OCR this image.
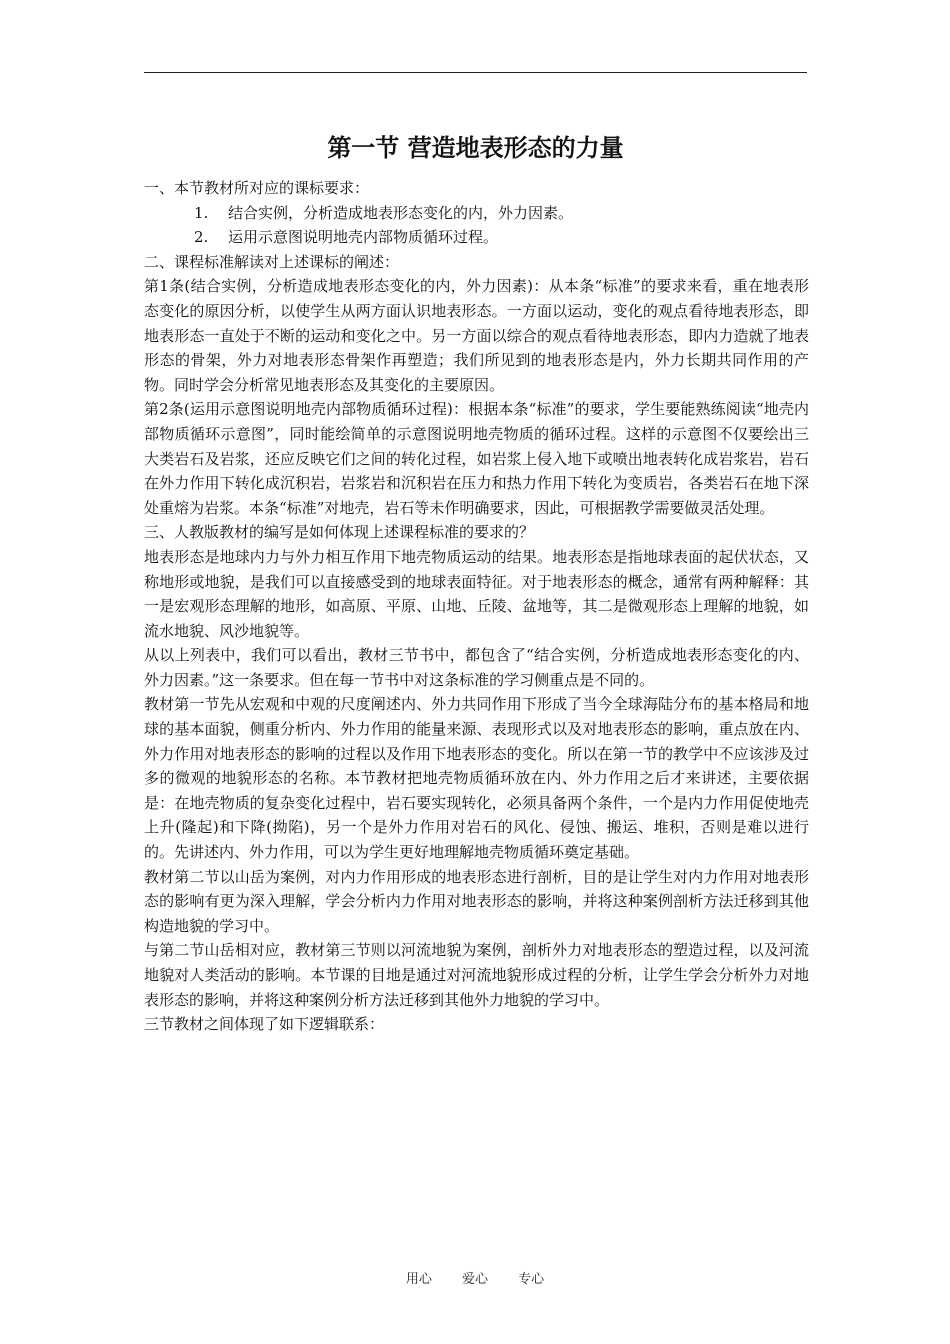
第一节 营造地表形态的力量

一、本节教材所对应的课标要求：

1. 结合实例，分析造成地表形态变化的内，外力因素。

2. 运用示意图说明地壳内部物质循环过程。

二、课程标准解读对上述课标的阐述：

第1条(结合实例，分析造成地表形态变化的内，外力因素)：从本条“标准”的要求来看，重在地表形态变化的原因分析，以使学生从两方面认识地表形态。一方面以运动，变化的观点看待地表形态，即地表形态一直处于不断的运动和变化之中。另一方面以综合的观点看待地表形态，即内力造就了地表形态的骨架，外力对地表形态骨架作再塑造；我们所见到的地表形态是内，外力长期共同作用的产物。同时学会分析常见地表形态及其变化的主要原因。

第2条(运用示意图说明地壳内部物质循环过程)：根据本条“标准”的要求，学生要能熟练阅读“地壳内部物质循环示意图”，同时能绘简单的示意图说明地壳物质的循环过程。这样的示意图不仅要绘出三大类岩石及岩浆，还应反映它们之间的转化过程，如岩浆上侵入地下或喷出地表转化成岩浆岩，岩石在外力作用下转化成沉积岩，岩浆岩和沉积岩在压力和热力作用下转化为变质岩，各类岩石在地下深处重熔为岩浆。本条“标准”对地壳，岩石等未作明确要求，因此，可根据教学需要做灵活处理。

三、人教版教材的编写是如何体现上述课程标准的要求的？

地表形态是地球内力与外力相互作用下地壳物质运动的结果。地表形态是指地球表面的起伏状态，又称地形或地貌，是我们可以直接感受到的地球表面特征。对于地表形态的概念，通常有两种解释：其一是宏观形态理解的地形，如高原、平原、山地、丘陵、盆地等，其二是微观形态上理解的地貌，如流水地貌、风沙地貌等。

从以上列表中，我们可以看出，教材三节书中，都包含了“结合实例，分析造成地表形态变化的内、外力因素。”这一条要求。但在每一节书中对这条标准的学习侧重点是不同的。

教材第一节先从宏观和中观的尺度阐述内、外力共同作用下形成了当今全球海陆分布的基本格局和地球的基本面貌，侧重分析内、外力作用的能量来源、表现形式以及对地表形态的影响，重点放在内、外力作用对地表形态的影响的过程以及作用下地表形态的变化。所以在第一节的教学中不应该涉及过多的微观的地貌形态的名称。本节教材把地壳物质循环放在内、外力作用之后才来讲述，主要依据是：在地壳物质的复杂变化过程中，岩石要实现转化，必须具备两个条件，一个是内力作用促使地壳上升(隆起)和下降(拗陷)，另一个是外力作用对岩石的风化、侵蚀、搬运、堆积，否则是难以进行的。先讲述内、外力作用，可以为学生更好地理解地壳物质循环奠定基础。

教材第二节以山岳为案例，对内力作用形成的地表形态进行剖析，目的是让学生对内力作用对地表形态的影响有更为深入理解，学会分析内力作用对地表形态的影响，并将这种案例剖析方法迁移到其他构造地貌的学习中。

与第二节山岳相对应，教材第三节则以河流地貌为案例，剖析外力对地表形态的塑造过程，以及河流地貌对人类活动的影响。本节课的目地是通过对河流地貌形成过程的分析，让学生学会分析外力对地表形态的影响，并将这种案例分析方法迁移到其他外力地貌的学习中。

三节教材之间体现了如下逻辑联系：

用心 爱心 专心
